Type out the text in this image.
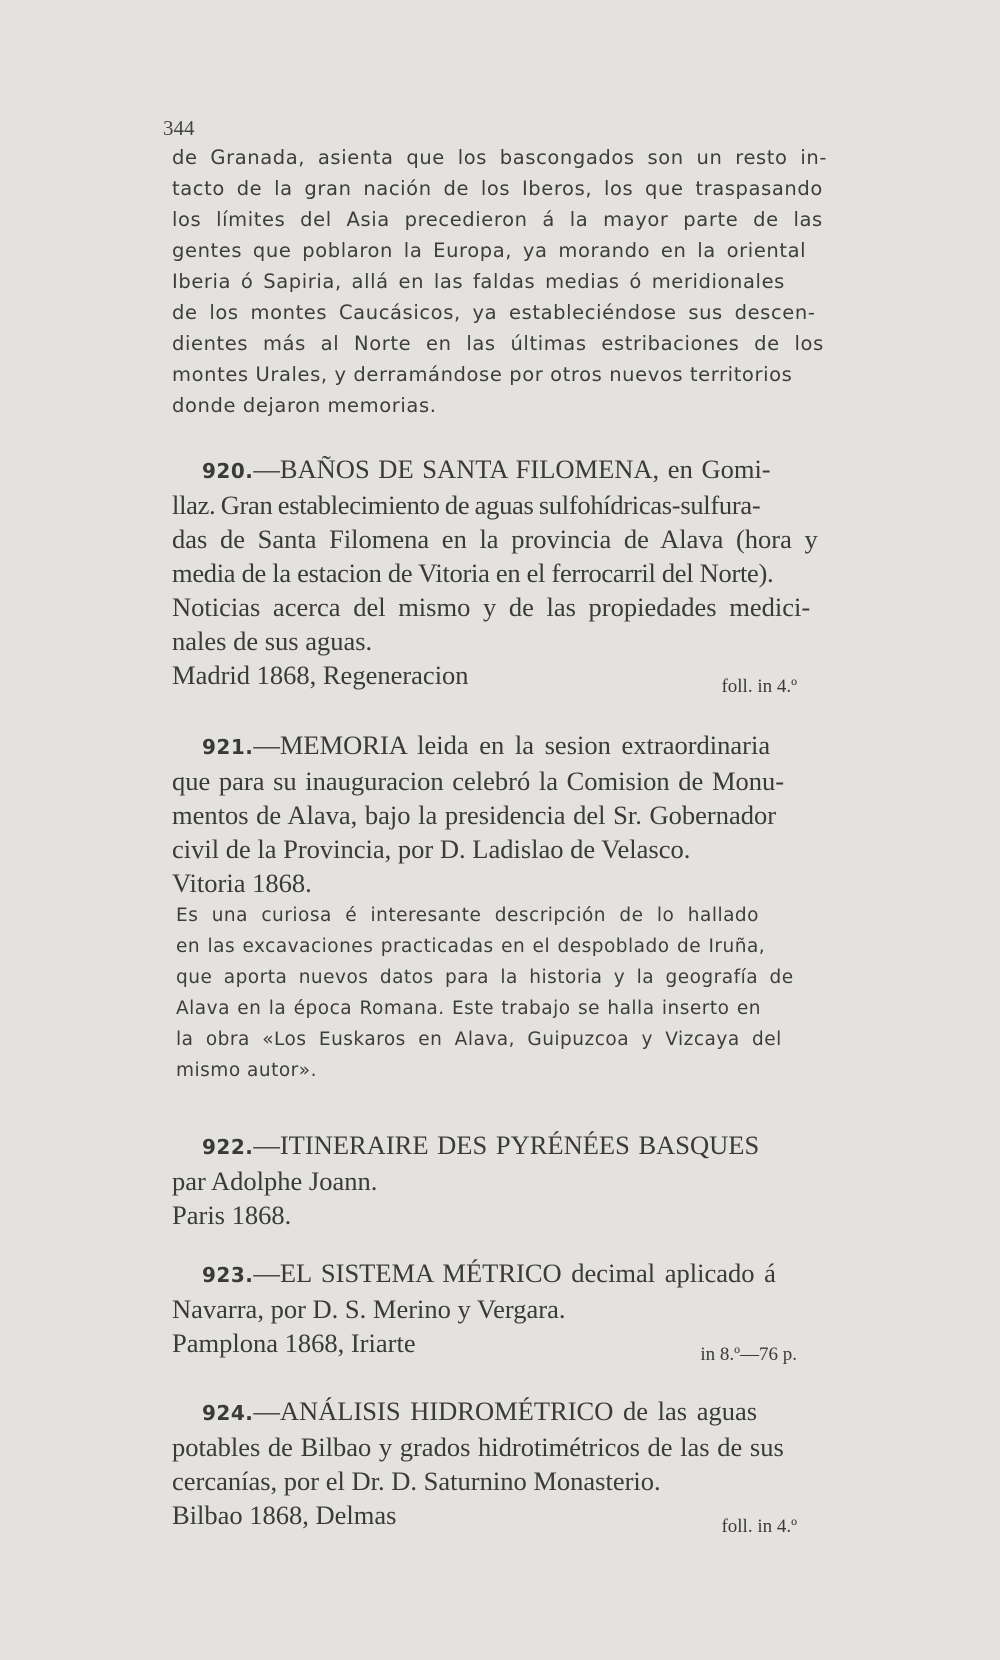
344
de Granada, asienta que los bascongados son un resto in-
tacto de la gran nación de los Iberos, los que traspasando
los límites del Asia precedieron á la mayor parte de las
gentes que poblaron la Europa, ya morando en la oriental
Iberia ó Sapiria, allá en las faldas medias ó meridionales
de los montes Caucásicos, ya estableciéndose sus descen-
dientes más al Norte en las últimas estribaciones de los
montes Urales, y derramándose por otros nuevos territorios
donde dejaron memorias.
920.—BAÑOS DE SANTA FILOMENA, en Gomi-
llaz. Gran establecimiento de aguas sulfohídricas-sulfura-
das de Santa Filomena en la provincia de Alava (hora y
media de la estacion de Vitoria en el ferrocarril del Norte).
Noticias acerca del mismo y de las propiedades medici-
nales de sus aguas.
Madrid 1868, Regeneracion	foll. in 4.º
921.—MEMORIA leida en la sesion extraordinaria
que para su inauguracion celebró la Comision de Monu-
mentos de Alava, bajo la presidencia del Sr. Gobernador
civil de la Provincia, por D. Ladislao de Velasco.
Vitoria 1868.
Es una curiosa é interesante descripción de lo hallado
en las excavaciones practicadas en el despoblado de Iruña,
que aporta nuevos datos para la historia y la geografía de
Alava en la época Romana. Este trabajo se halla inserto en
la obra «Los Euskaros en Alava, Guipuzcoa y Vizcaya del
mismo autor».
922.—ITINERAIRE DES PYRÉNÉES BASQUES
par Adolphe Joann.
Paris 1868.
923.—EL SISTEMA MÉTRICO decimal aplicado á
Navarra, por D. S. Merino y Vergara.
Pamplona 1868, Iriarte	in 8.º—76 p.
924.—ANÁLISIS HIDROMÉTRICO de las aguas
potables de Bilbao y grados hidrotimétricos de las de sus
cercanías, por el Dr. D. Saturnino Monasterio.
Bilbao 1868, Delmas	foll. in 4.º
